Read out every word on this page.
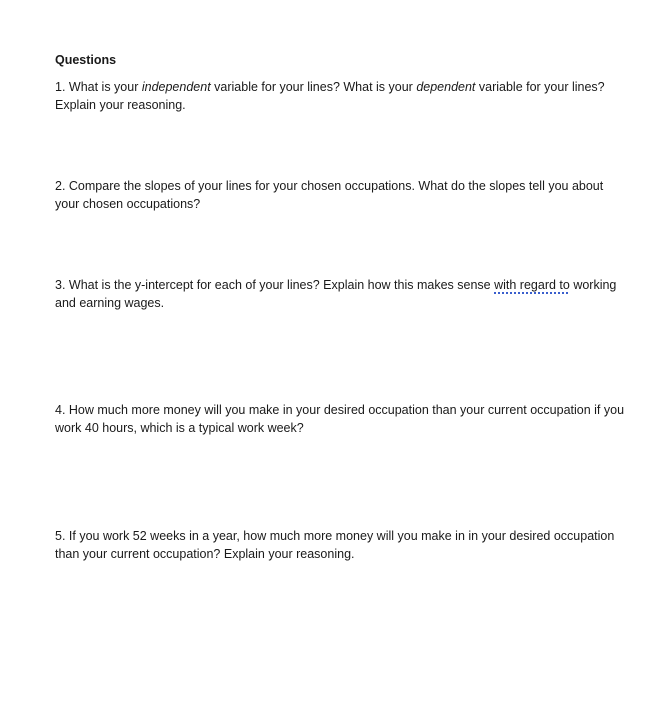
Questions
1. What is your independent variable for your lines? What is your dependent variable for your lines?
Explain your reasoning.
2. Compare the slopes of your lines for your chosen occupations. What do the slopes tell you about
your chosen occupations?
3. What is the y-intercept for each of your lines? Explain how this makes sense with regard to working
and earning wages.
4. How much more money will you make in your desired occupation than your current occupation if you
work 40 hours, which is a typical work week?
5. If you work 52 weeks in a year, how much more money will you make in in your desired occupation
than your current occupation? Explain your reasoning.
